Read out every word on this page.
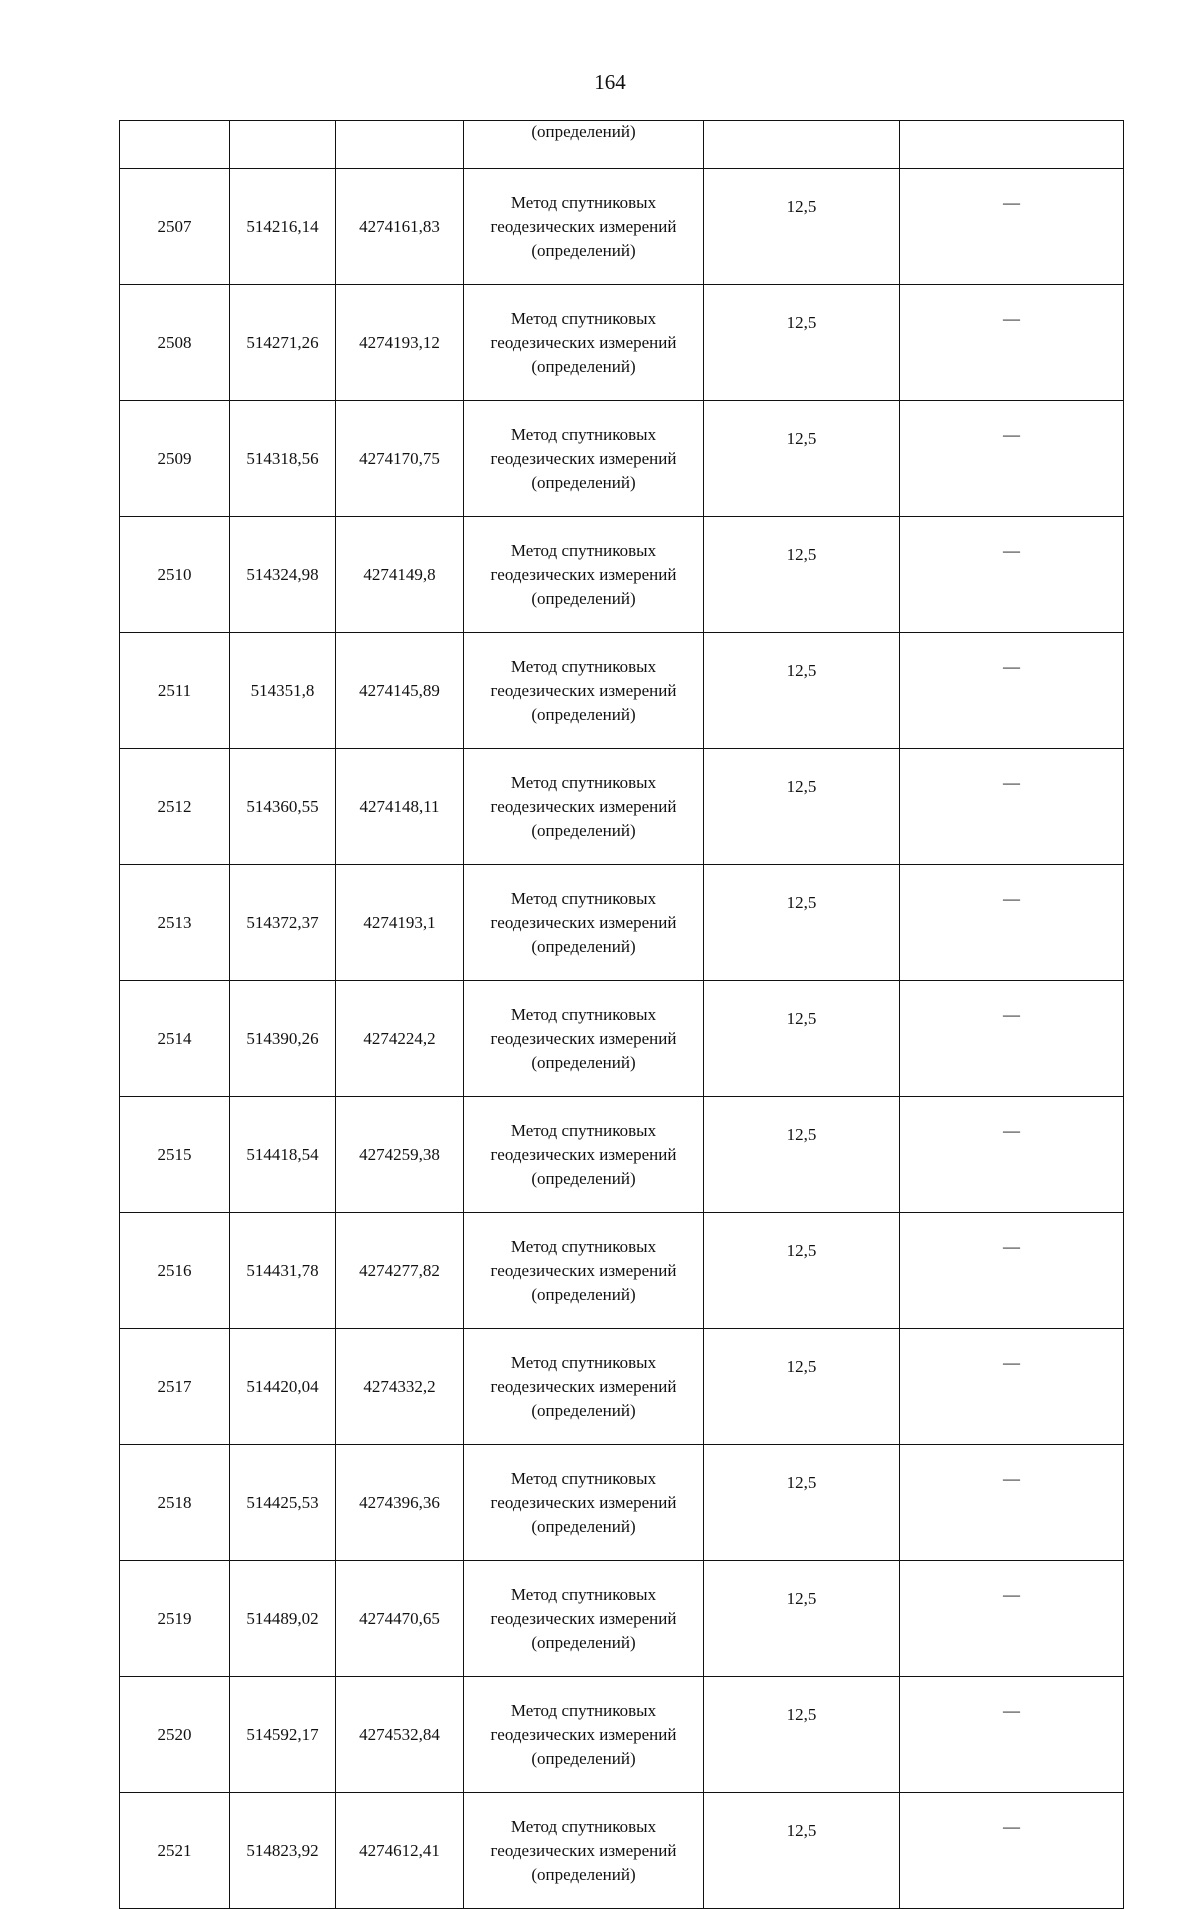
164
			(определений)		
2507	514216,14	4274161,83	Метод спутниковых
геодезических измерений
(определений)	12,5	—
2508	514271,26	4274193,12	Метод спутниковых
геодезических измерений
(определений)	12,5	—
2509	514318,56	4274170,75	Метод спутниковых
геодезических измерений
(определений)	12,5	—
2510	514324,98	4274149,8	Метод спутниковых
геодезических измерений
(определений)	12,5	—
2511	514351,8	4274145,89	Метод спутниковых
геодезических измерений
(определений)	12,5	—
2512	514360,55	4274148,11	Метод спутниковых
геодезических измерений
(определений)	12,5	—
2513	514372,37	4274193,1	Метод спутниковых
геодезических измерений
(определений)	12,5	—
2514	514390,26	4274224,2	Метод спутниковых
геодезических измерений
(определений)	12,5	—
2515	514418,54	4274259,38	Метод спутниковых
геодезических измерений
(определений)	12,5	—
2516	514431,78	4274277,82	Метод спутниковых
геодезических измерений
(определений)	12,5	—
2517	514420,04	4274332,2	Метод спутниковых
геодезических измерений
(определений)	12,5	—
2518	514425,53	4274396,36	Метод спутниковых
геодезических измерений
(определений)	12,5	—
2519	514489,02	4274470,65	Метод спутниковых
геодезических измерений
(определений)	12,5	—
2520	514592,17	4274532,84	Метод спутниковых
геодезических измерений
(определений)	12,5	—
2521	514823,92	4274612,41	Метод спутниковых
геодезических измерений
(определений)	12,5	—
